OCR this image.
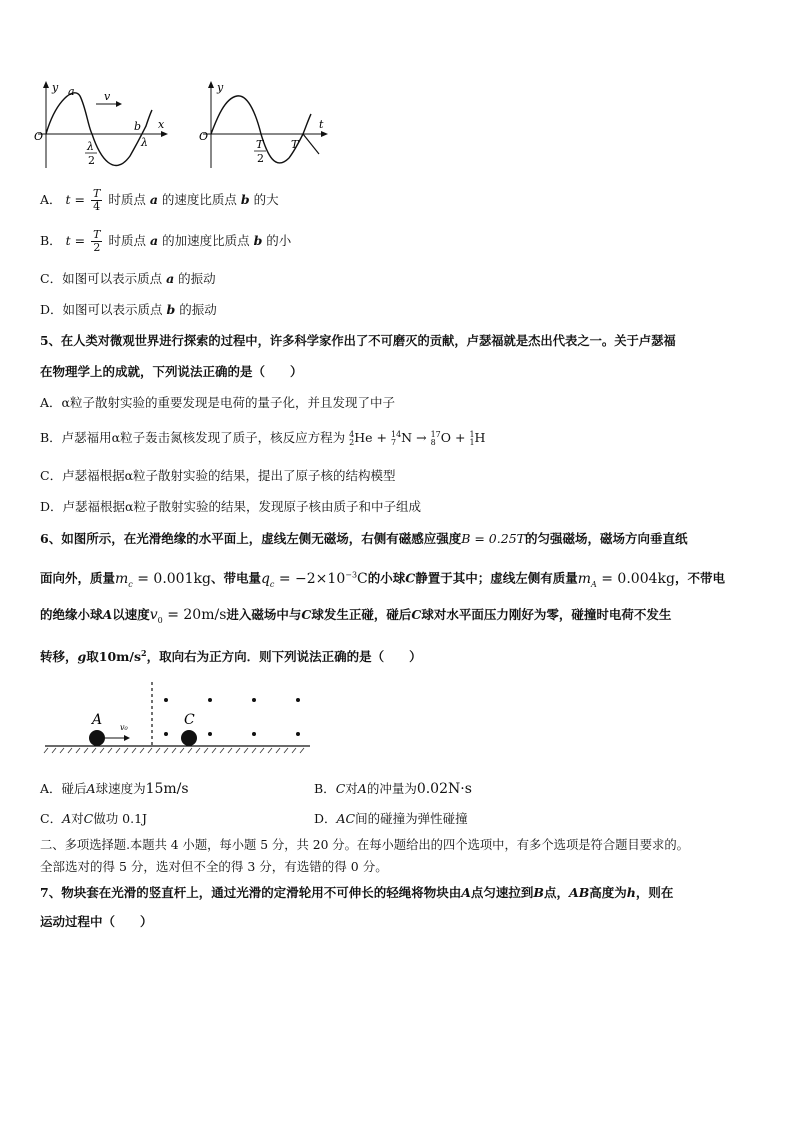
y a	v
b x
O
λ
2
λ
y
O
t
T
2
T
A． $t = \frac{T}{4}$ 时质点 a 的速度比质点 b 的大
B． $t = \frac{T}{2}$ 时质点 a 的加速度比质点 b 的小
C．如图可以表示质点 a 的振动
D．如图可以表示质点 b 的振动
5、在人类对微观世界进行探索的过程中，许多科学家作出了不可磨灭的贡献，卢瑟福就是杰出代表之一。关于卢瑟福
在物理学上的成就，下列说法正确的是（　　）
A．α粒子散射实验的重要发现是电荷的量子化，并且发现了中子
B．卢瑟福用α粒子轰击氮核发现了质子，核反应方程为 4
2 He + 14
7 N → 17
8 O + 1
1 H
C．卢瑟福根据α粒子散射实验的结果，提出了原子核的结构模型
D．卢瑟福根据α粒子散射实验的结果，发现原子核由质子和中子组成
6、如图所示，在光滑绝缘的水平面上，虚线左侧无磁场，右侧有磁感应强度B = 0.25T的匀强磁场，磁场方向垂直纸
面向外，质量$m_c = 0.001kg$、带电量$q_c = -2\times 10^{-3}C$的小球C静置于其中；虚线左侧有质量$m_A = 0.004kg$，不带电
的绝缘小球A以速度$v_0 = 20m/s$进入磁场中与C球发生正碰，碰后C球对水平面压力刚好为零，碰撞时电荷不发生
转移，g取$10m/s^2$，取向右为正方向．则下列说法正确的是（　　）
A	C
v₀
A．碰后A球速度为15m/s	B．C对A的冲量为0.02N·s
C．A对C做功 0.1J	D．AC间的碰撞为弹性碰撞
二、多项选择题.本题共 4 小题，每小题 5 分，共 20 分。在每小题给出的四个选项中，有多个选项是符合题目要求的。
全部选对的得 5 分，选对但不全的得 3 分，有选错的得 0 分。
7、物块套在光滑的竖直杆上，通过光滑的定滑轮用不可伸长的轻绳将物块由A点匀速拉到B点，AB高度为h，则在
运动过程中（　　）
